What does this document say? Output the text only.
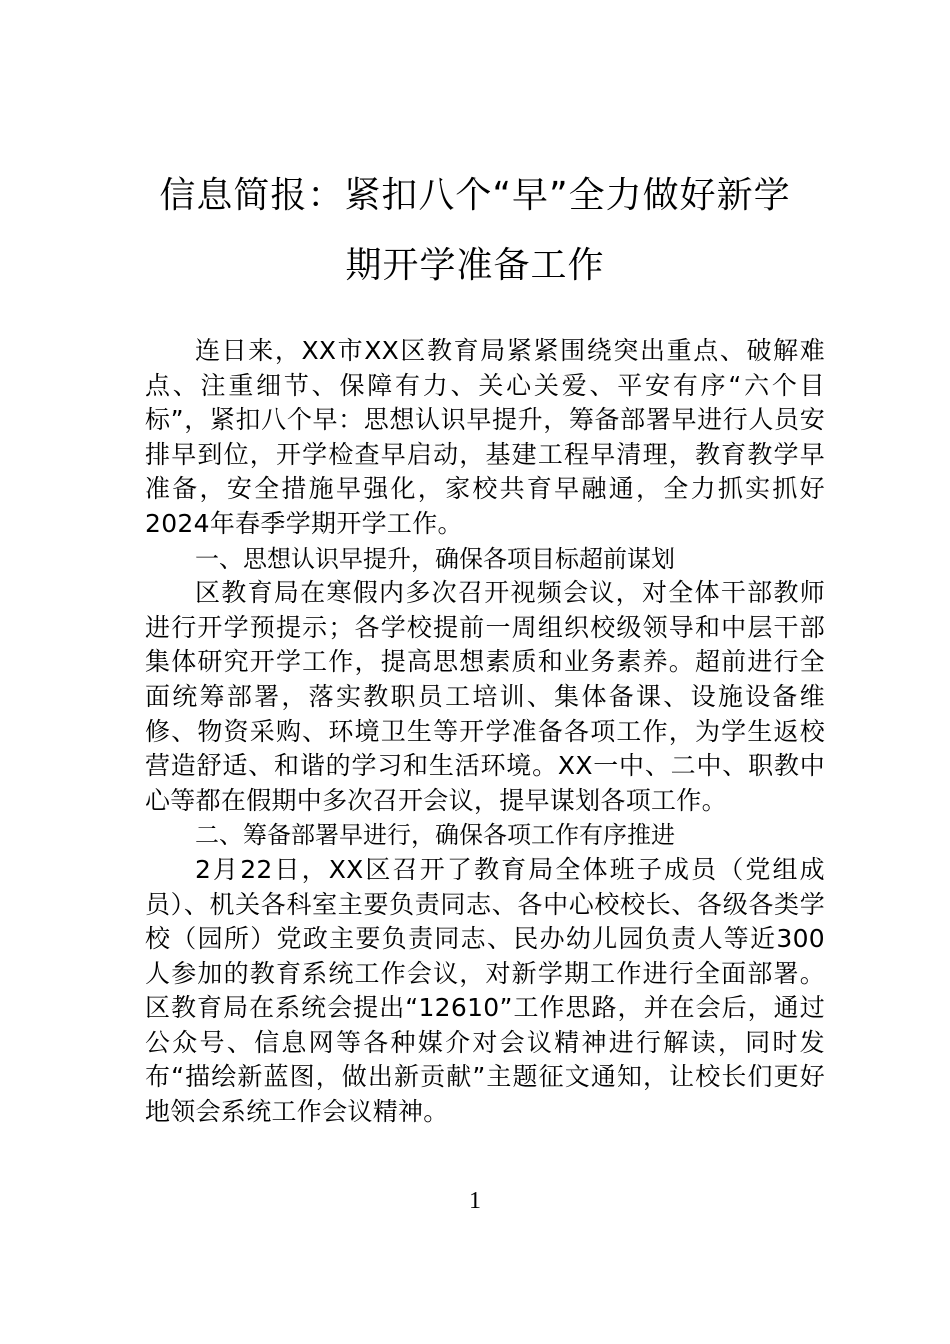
信息简报：紧扣八个“早”全力做好新学
期开学准备工作

连日来，XX市XX区教育局紧紧围绕突出重点、破解难点、注重细节、保障有力、关心关爱、平安有序“六个目标”，紧扣八个早：思想认识早提升，筹备部署早进行人员安排早到位，开学检查早启动，基建工程早清理，教育教学早准备，安全措施早强化，家校共育早融通，全力抓实抓好2024年春季学期开学工作。

一、思想认识早提升，确保各项目标超前谋划

区教育局在寒假内多次召开视频会议，对全体干部教师进行开学预提示；各学校提前一周组织校级领导和中层干部集体研究开学工作，提高思想素质和业务素养。超前进行全面统筹部署，落实教职员工培训、集体备课、设施设备维修、物资采购、环境卫生等开学准备各项工作，为学生返校营造舒适、和谐的学习和生活环境。XX一中、二中、职教中心等都在假期中多次召开会议，提早谋划各项工作。

二、筹备部署早进行，确保各项工作有序推进

2月22日，XX区召开了教育局全体班子成员（党组成员）、机关各科室主要负责同志、各中心校校长、各级各类学校（园所）党政主要负责同志、民办幼儿园负责人等近300人参加的教育系统工作会议，对新学期工作进行全面部署。区教育局在系统会提出“12610”工作思路，并在会后，通过公众号、信息网等各种媒介对会议精神进行解读，同时发布“描绘新蓝图，做出新贡献”主题征文通知，让校长们更好地领会系统工作会议精神。

1
